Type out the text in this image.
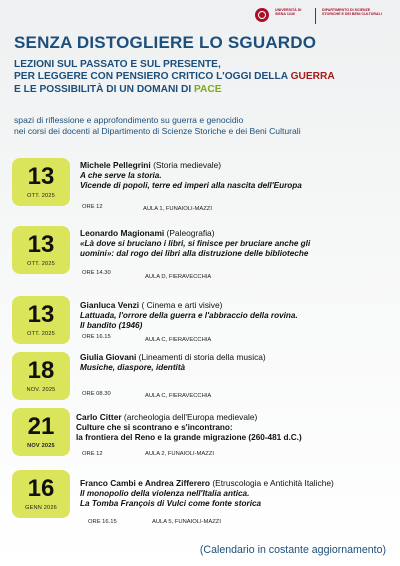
UNIVERSITÀ DI SIENA 1240
DIPARTIMENTO DI SCIENZE STORICHE E DEI BENI CULTURALI
SENZA DISTOGLIERE LO SGUARDO
LEZIONI SUL PASSATO E SUL PRESENTE,
PER LEGGERE CON PENSIERO CRITICO L'OGGI DELLA GUERRA
E LE POSSIBILITÀ DI UN DOMANI DI PACE
spazi di riflessione e approfondimento su guerra e genocidio
nei corsi dei docenti al Dipartimento di Scienze Storiche e dei Beni Culturali
13
OTT. 2025
Michele Pellegrini (Storia medievale)
A che serve la storia.
Vicende di popoli, terre ed imperi alla nascita dell'Europa
ORE 12	AULA 1, FUNAIOLI-MAZZI
13
OTT. 2025
Leonardo Magionami (Paleografia)
«Là dove si bruciano i libri, si finisce per bruciare anche gli
uomini»: dal rogo dei libri alla distruzione delle biblioteche
ORE 14.30
AULA D, FIERAVECCHIA
13
OTT. 2025
Gianluca Venzi ( Cinema e arti visive)
Lattuada, l'orrore della guerra e l'abbraccio della rovina.
Il bandito (1946)
ORE 16.15	AULA C, FIERAVECCHIA
18
NOV. 2025
Giulia Giovani (Lineamenti di storia della musica)
Musiche, diaspore, identità
ORE 08.30	AULA C, FIERAVECCHIA
21
NOV 2025
Carlo Citter (archeologia dell'Europa medievale)
Culture che si scontrano e s'incontrano:
la frontiera del Reno e la grande migrazione (260-481 d.C.)
ORE 12	AULA 2, FUNAIOLI-MAZZI
16
GENN 2026
Franco Cambi e Andrea Zifferero (Etruscologia e Antichità Italiche)
Il monopolio della violenza nell'Italia antica.
La Tomba François di Vulci come fonte storica
ORE 16.15	AULA 5, FUNAIOLI-MAZZI
(Calendario in costante aggiornamento)
